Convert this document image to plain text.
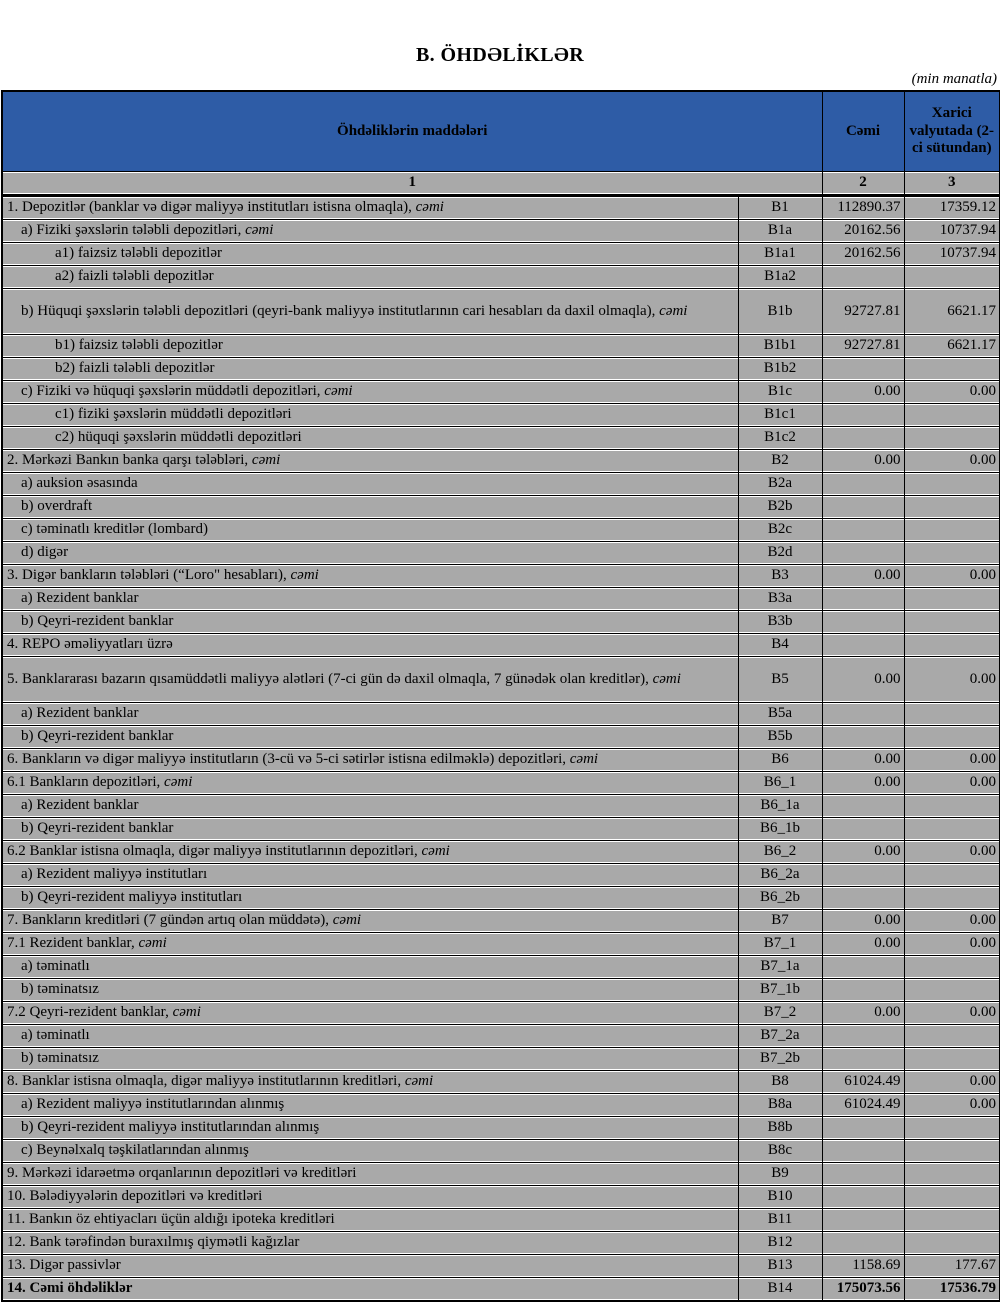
B. ÖHDƏLİKLƏR
(min manatla)
Öhdəliklərin maddələri		Cəmi	Xarici valyutada (2-ci sütundan)
1		2	3
1. Depozitlər (banklar və digər maliyyə institutları istisna olmaqla), cəmi	B1	112890.37	17359.12
a) Fiziki şəxslərin tələbli depozitləri, cəmi	B1a	20162.56	10737.94
a1) faizsiz tələbli depozitlər	B1a1	20162.56	10737.94
a2) faizli tələbli depozitlər	B1a2		
b) Hüquqi şəxslərin tələbli depozitləri (qeyri-bank maliyyə institutlarının cari hesabları da daxil olmaqla), cəmi	B1b	92727.81	6621.17
b1) faizsiz tələbli depozitlər	B1b1	92727.81	6621.17
b2) faizli tələbli depozitlər	B1b2		
c) Fiziki və hüquqi şəxslərin müddətli depozitləri, cəmi	B1c	0.00	0.00
c1) fiziki şəxslərin müddətli depozitləri	B1c1		
c2) hüquqi şəxslərin müddətli depozitləri	B1c2		
2. Mərkəzi Bankın banka qarşı tələbləri, cəmi	B2	0.00	0.00
a) auksion əsasında	B2a		
b) overdraft	B2b		
c) təminatlı kreditlər (lombard)	B2c		
d) digər	B2d		
3. Digər bankların tələbləri (“Loro" hesabları), cəmi	B3	0.00	0.00
a) Rezident banklar	B3a		
b) Qeyri-rezident banklar	B3b		
4. REPO əməliyyatları üzrə	B4		
5. Banklararası bazarın qısamüddətli maliyyə alətləri (7-ci gün də daxil olmaqla, 7 günədək olan kreditlər), cəmi	B5	0.00	0.00
a) Rezident banklar	B5a		
b) Qeyri-rezident banklar	B5b		
6. Bankların və digər maliyyə institutların (3-cü və 5-ci sətirlər istisna edilməklə) depozitləri, cəmi	B6	0.00	0.00
6.1 Bankların depozitləri, cəmi	B6_1	0.00	0.00
a) Rezident banklar	B6_1a		
b) Qeyri-rezident banklar	B6_1b		
6.2 Banklar istisna olmaqla, digər maliyyə institutlarının depozitləri, cəmi	B6_2	0.00	0.00
a) Rezident maliyyə institutları	B6_2a		
b) Qeyri-rezident maliyyə institutları	B6_2b		
7. Bankların kreditləri (7 gündən artıq olan müddətə), cəmi	B7	0.00	0.00
7.1 Rezident banklar, cəmi	B7_1	0.00	0.00
a) təminatlı	B7_1a		
b) təminatsız	B7_1b		
7.2 Qeyri-rezident banklar, cəmi	B7_2	0.00	0.00
a) təminatlı	B7_2a		
b) təminatsız	B7_2b		
8. Banklar istisna olmaqla, digər maliyyə institutlarının kreditləri, cəmi	B8	61024.49	0.00
a) Rezident maliyyə institutlarından alınmış	B8a	61024.49	0.00
b) Qeyri-rezident maliyyə institutlarından alınmış	B8b		
c) Beynəlxalq təşkilatlarından alınmış	B8c		
9. Mərkəzi idarəetmə orqanlarının depozitləri və kreditləri	B9		
10. Bələdiyyələrin depozitləri və kreditləri	B10		
11. Bankın öz ehtiyacları üçün aldığı ipoteka kreditləri	B11		
12. Bank tərəfindən buraxılmış qiymətli kağızlar	B12		
13. Digər passivlər	B13	1158.69	177.67
14. Cəmi öhdəliklər	B14	175073.56	17536.79
